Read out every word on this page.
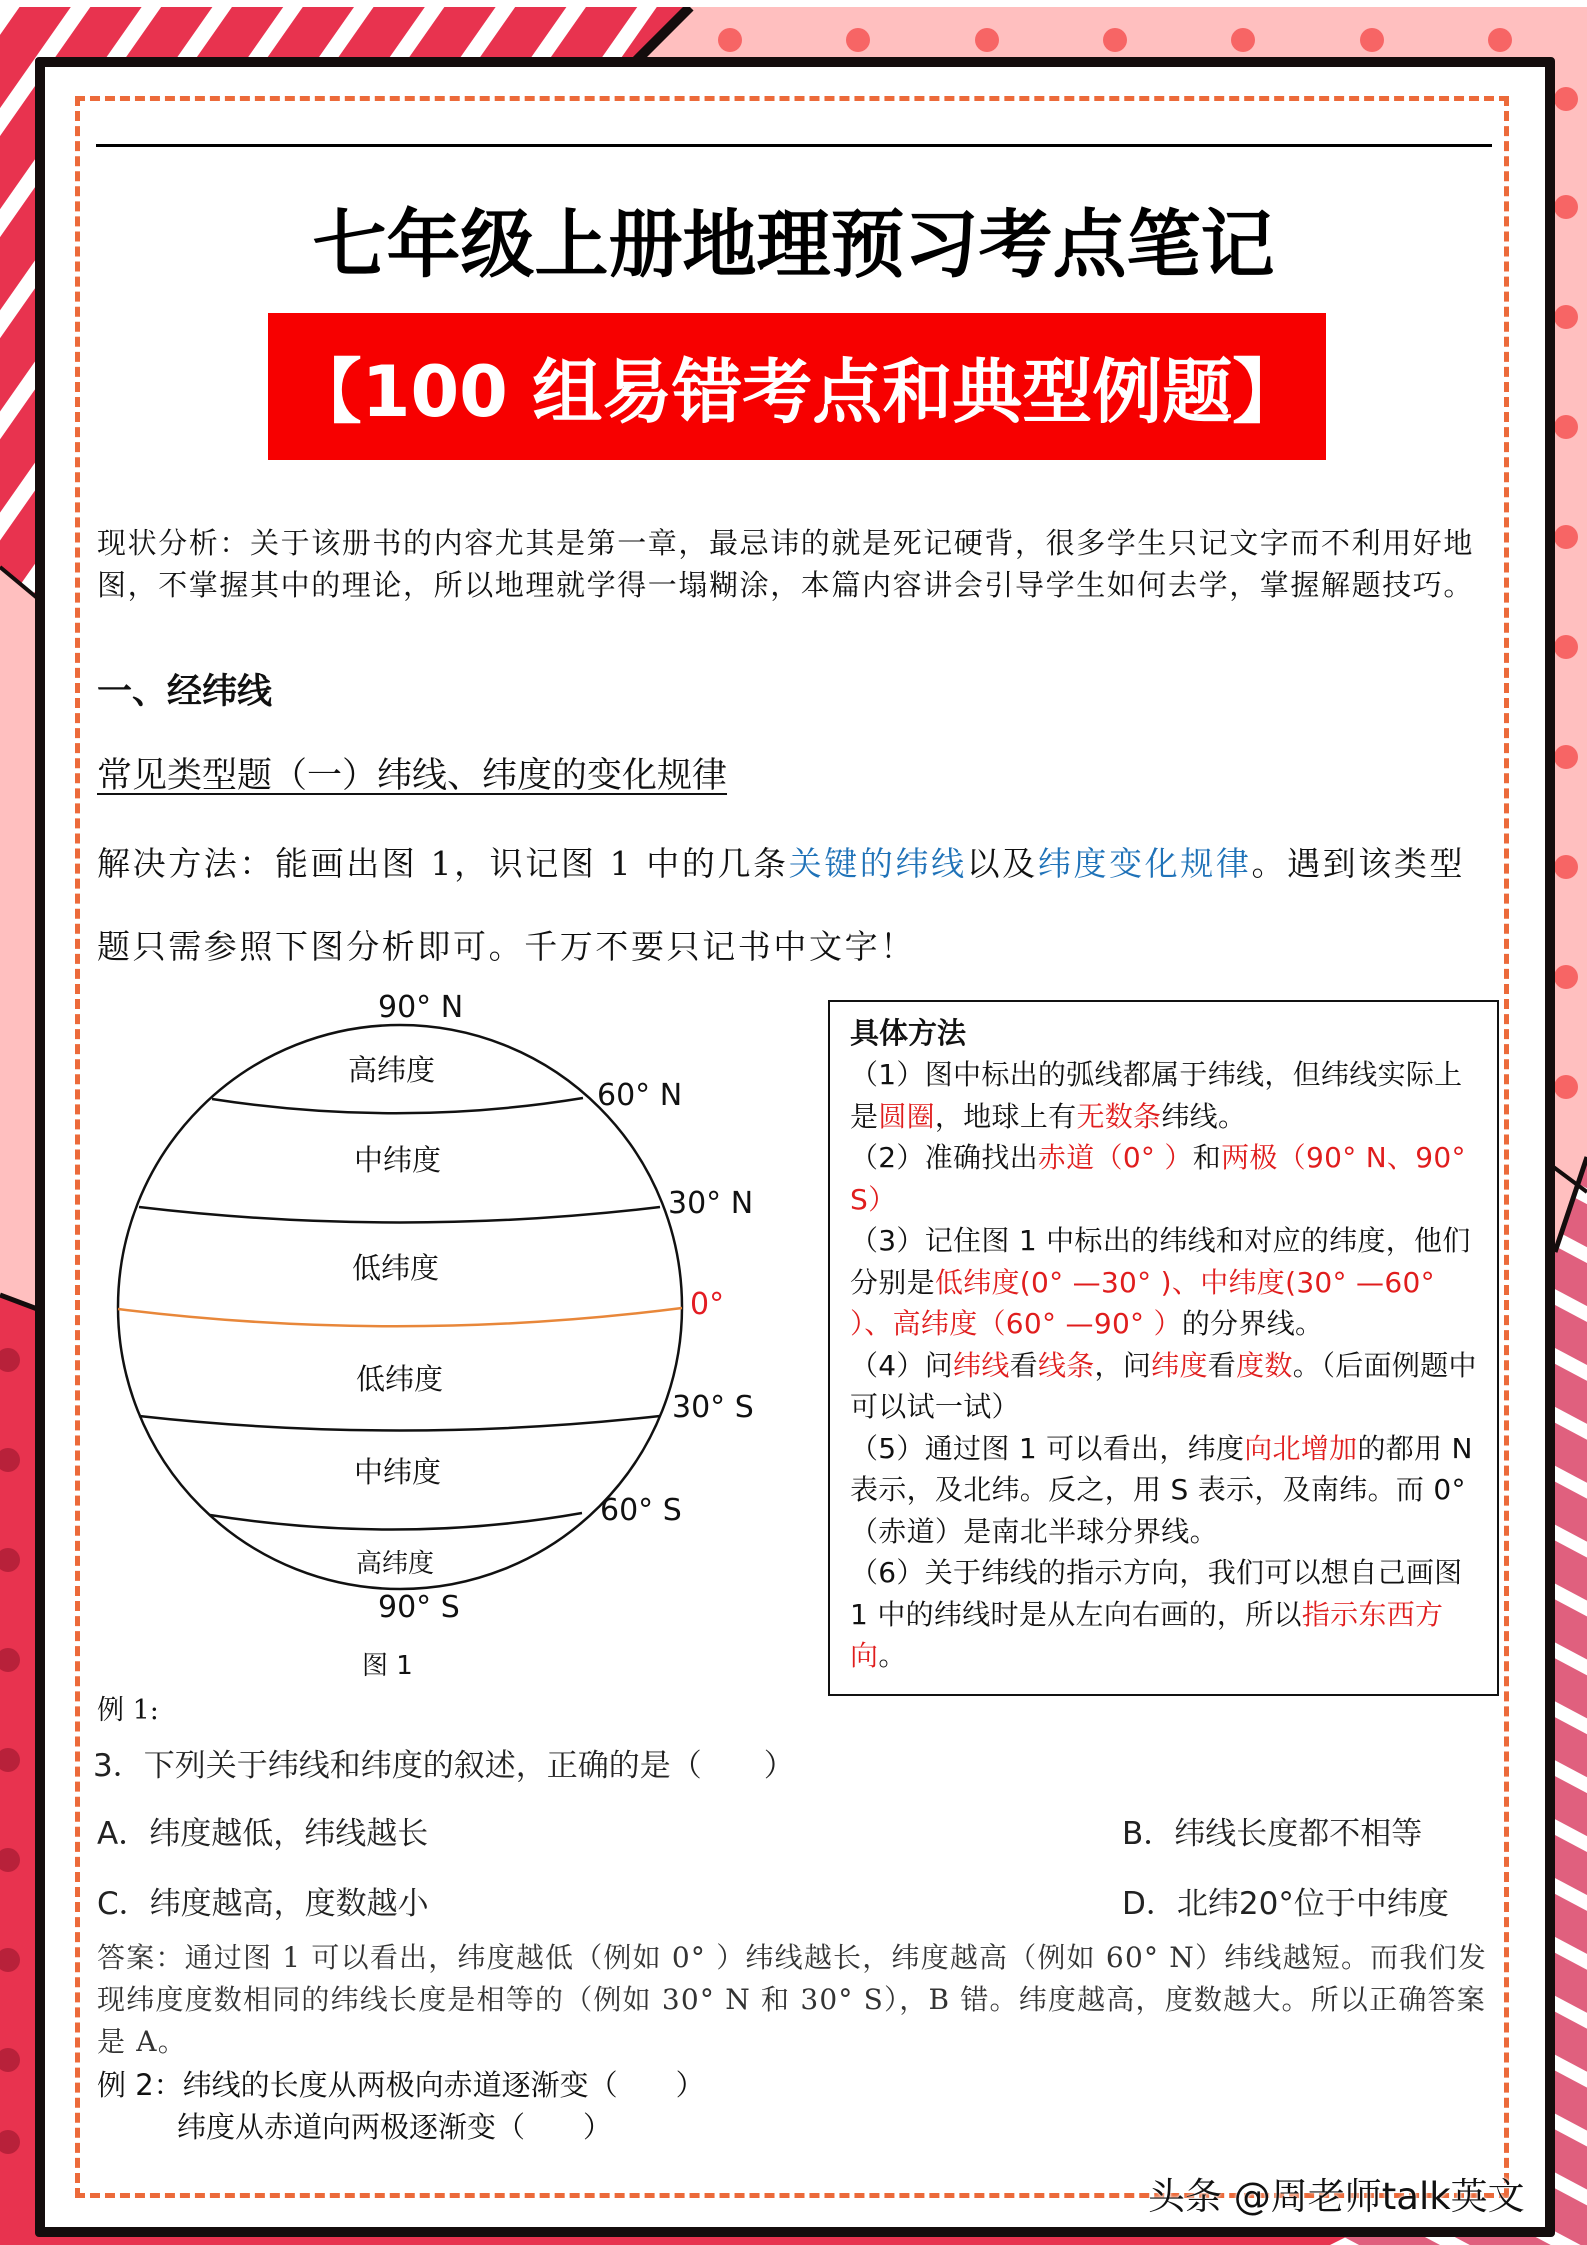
七年级上册地理预习考点笔记
【100 组易错考点和典型例题】
现状分析：关于该册书的内容尤其是第一章，最忌讳的就是死记硬背，很多学生只记文字而不利用好地图，不掌握其中的理论，所以地理就学得一塌糊涂，本篇内容讲会引导学生如何去学，掌握解题技巧。
一、经纬线
常见类型题（一）纬线、纬度的变化规律
解决方法：能画出图 1，识记图 1 中的几条关键的纬线以及纬度变化规律。遇到该类型题只需参照下图分析即可。千万不要只记书中文字！
90° N
60° N
30° N
0°
30° S
60° S
90° S
高纬度
中纬度
低纬度
低纬度
中纬度
高纬度
图 1
具体方法

（1）图中标出的弧线都属于纬线，但纬线实际上是圆圈，地球上有无数条纬线。

（2）准确找出赤道（0° ）和两极（90° N、90° S）

（3）记住图 1 中标出的纬线和对应的纬度，他们分别是低纬度(0° —30° )、中纬度(30° —60° ）、高纬度（60° —90° ）的分界线。

（4）问纬线看线条，问纬度看度数。（后面例题中可以试一试）

（5）通过图 1 可以看出，纬度向北增加的都用 N 表示，及北纬。反之，用 S 表示，及南纬。而 0° （赤道）是南北半球分界线。

（6）关于纬线的指示方向，我们可以想自己画图 1 中的纬线时是从左向右画的，所以指示东西方向。

例 1:
3．下列关于纬线和纬度的叙述，正确的是（　　）
A．纬度越低，纬线越长	B．纬线长度都不相等
C．纬度越高，度数越小	D．北纬20°位于中纬度
答案：通过图 1 可以看出，纬度越低（例如 0° ）纬线越长，纬度越高（例如 60° N）纬线越短。而我们发现纬度度数相同的纬线长度是相等的（例如 30° N 和 30° S），B 错。纬度越高，度数越大。所以正确答案是 A。
例 2：纬线的长度从两极向赤道逐渐变（　　）
纬度从赤道向两极逐渐变（　　）
头条 @周老师talk英文
